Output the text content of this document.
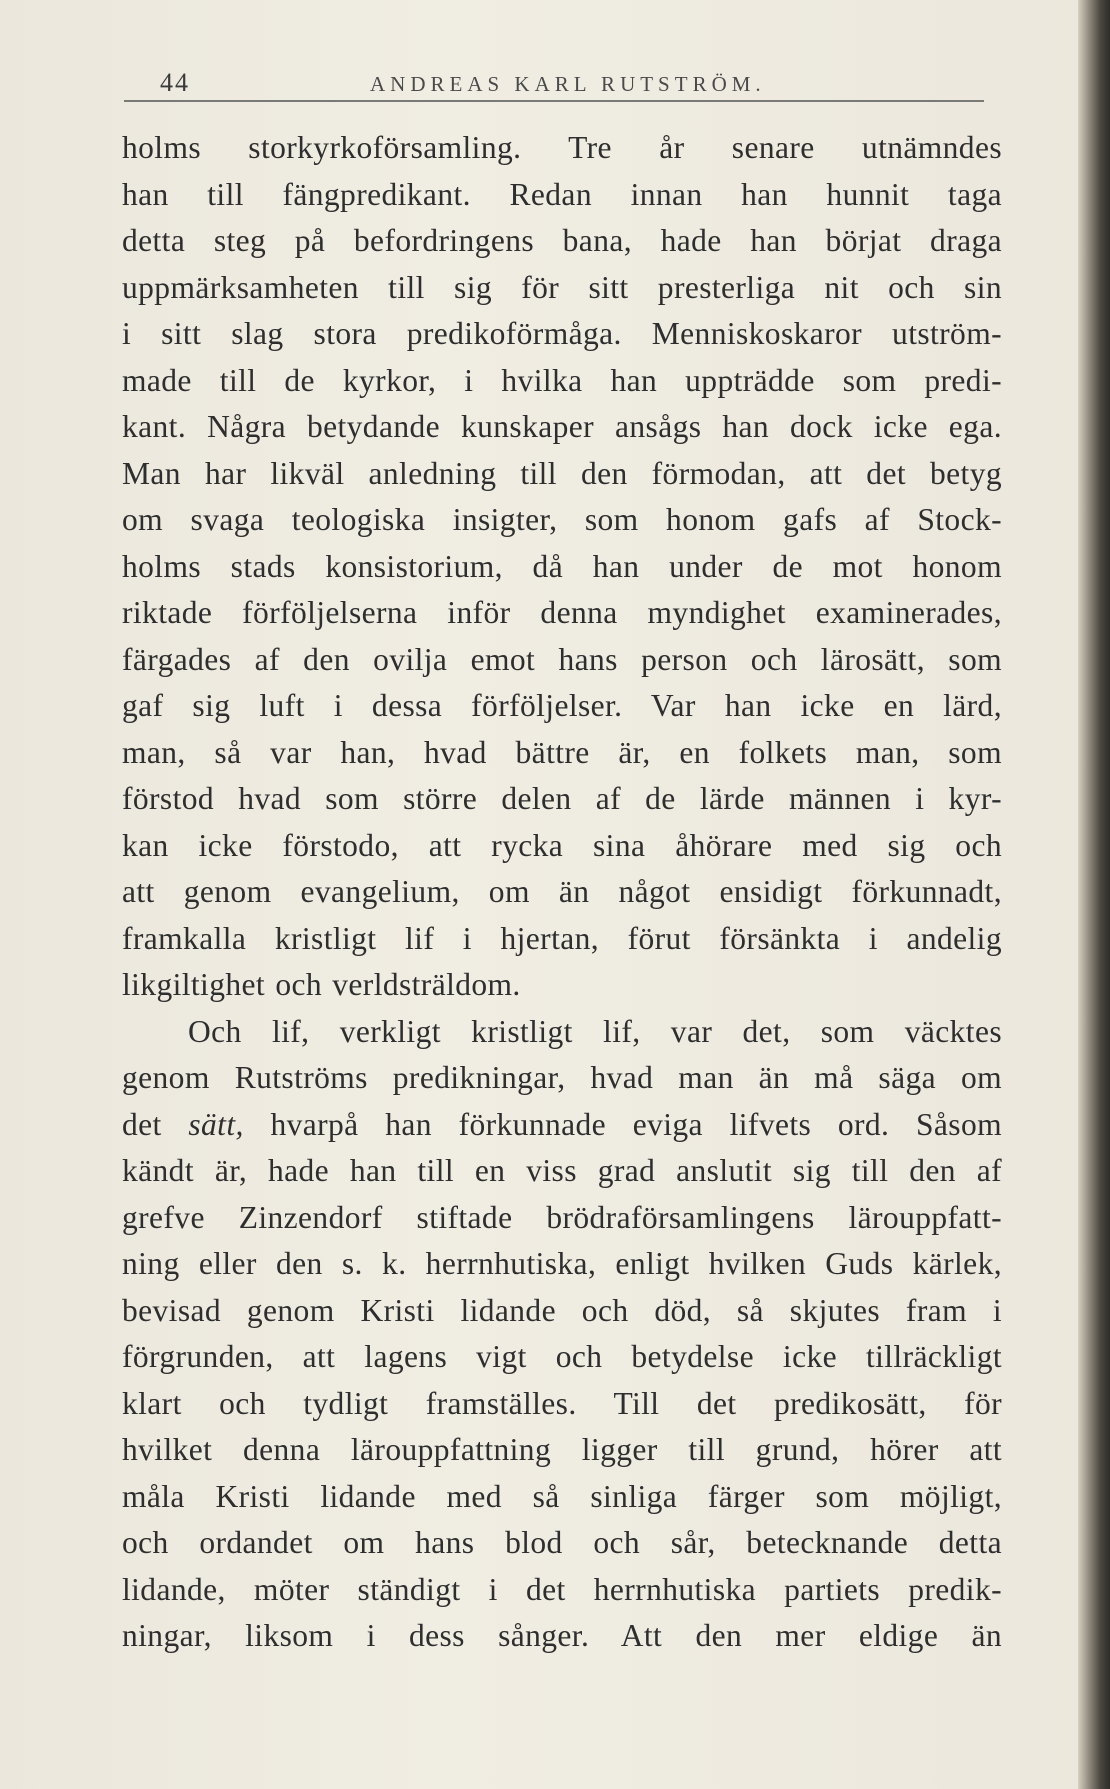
44	ANDREAS KARL RUTSTRÖM.
holms storkyrkoförsamling. Tre år senare utnämndes
han till fängpredikant. Redan innan han hunnit taga
detta steg på befordringens bana, hade han börjat draga
uppmärksamheten till sig för sitt presterliga nit och sin
i sitt slag stora predikoförmåga. Menniskoskaror utström-
made till de kyrkor, i hvilka han uppträdde som predi-
kant. Några betydande kunskaper ansågs han dock icke ega.
Man har likväl anledning till den förmodan, att det betyg
om svaga teologiska insigter, som honom gafs af Stock-
holms stads konsistorium, då han under de mot honom
riktade förföljelserna inför denna myndighet examinerades,
färgades af den ovilja emot hans person och lärosätt, som
gaf sig luft i dessa förföljelser. Var han icke en lärd,
man, så var han, hvad bättre är, en folkets man, som
förstod hvad som större delen af de lärde männen i kyr-
kan icke förstodo, att rycka sina åhörare med sig och
att genom evangelium, om än något ensidigt förkunnadt,
framkalla kristligt lif i hjertan, förut försänkta i andelig
likgiltighet och verldsträldom.
Och lif, verkligt kristligt lif, var det, som väcktes
genom Rutströms predikningar, hvad man än må säga om
det sätt, hvarpå han förkunnade eviga lifvets ord. Såsom
kändt är, hade han till en viss grad anslutit sig till den af
grefve Zinzendorf stiftade brödraförsamlingens lärouppfatt-
ning eller den s. k. herrnhutiska, enligt hvilken Guds kärlek,
bevisad genom Kristi lidande och död, så skjutes fram i
förgrunden, att lagens vigt och betydelse icke tillräckligt
klart och tydligt framställes. Till det predikosätt, för
hvilket denna lärouppfattning ligger till grund, hörer att
måla Kristi lidande med så sinliga färger som möjligt,
och ordandet om hans blod och sår, betecknande detta
lidande, möter ständigt i det herrnhutiska partiets predik-
ningar, liksom i dess sånger. Att den mer eldige än
